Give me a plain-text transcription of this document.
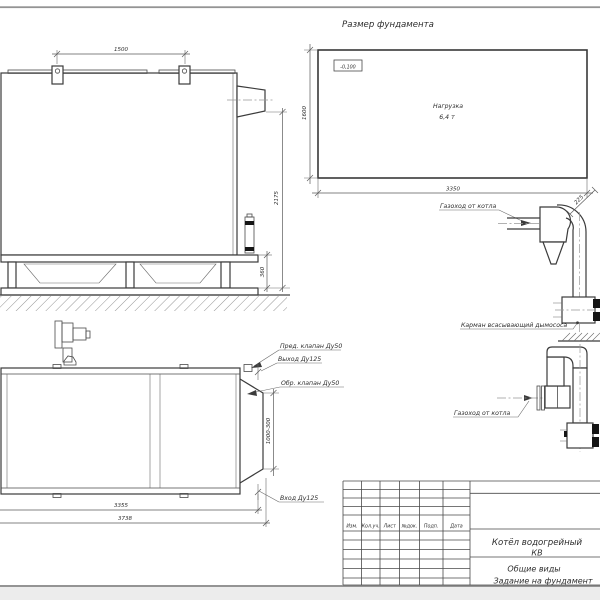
Размер фундамента
-0,100
Нагрузка
6,4 т
1600
3350
1500
2175
360
Газоход от котла
225
Карман всасывающий дымососа
Газоход от котла
Пред. клапан Ду50
Выход Ду125
Обр. клапан Ду50
Вход Ду125
1000-300
3355
3738
Изм. Кол.уч. Лист №док. Подп. Дата
Котёл водогрейный
КВ
Общие виды
Задание на фундамент
